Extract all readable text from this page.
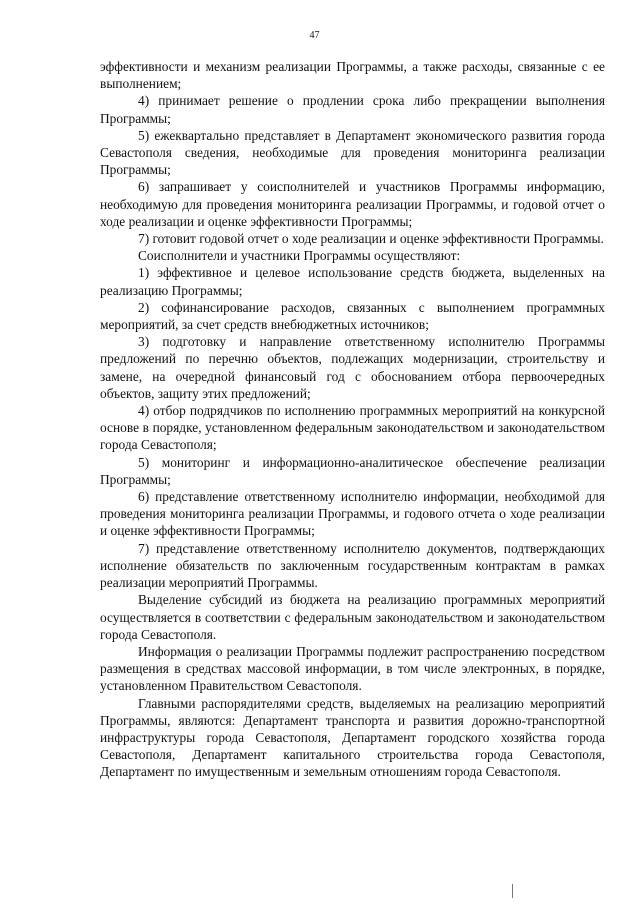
47

эффективности и механизм реализации Программы, а также расходы, связанные с ее выполнением;

4) принимает решение о продлении срока либо прекращении выполнения Программы;

5) ежеквартально представляет в Департамент экономического развития города Севастополя сведения, необходимые для проведения мониторинга реализации Программы;

6) запрашивает у соисполнителей и участников Программы информацию, необходимую для проведения мониторинга реализации Программы, и годовой отчет о ходе реализации и оценке эффективности Программы;

7) готовит годовой отчет о ходе реализации и оценке эффективности Программы.

Соисполнители и участники Программы осуществляют:

1) эффективное и целевое использование средств бюджета, выделенных на реализацию Программы;

2) софинансирование расходов, связанных с выполнением программных мероприятий, за счет средств внебюджетных источников;

3) подготовку и направление ответственному исполнителю Программы предложений по перечню объектов, подлежащих модернизации, строительству и замене, на очередной финансовый год с обоснованием отбора первоочередных объектов, защиту этих предложений;

4) отбор подрядчиков по исполнению программных мероприятий на конкурсной основе в порядке, установленном федеральным законодательством и законодательством города Севастополя;

5) мониторинг и информационно-аналитическое обеспечение реализации Программы;

6) представление ответственному исполнителю информации, необходимой для проведения мониторинга реализации Программы, и годового отчета о ходе реализации и оценке эффективности Программы;

7) представление ответственному исполнителю документов, подтверждающих исполнение обязательств по заключенным государственным контрактам в рамках реализации мероприятий Программы.

Выделение субсидий из бюджета на реализацию программных мероприятий осуществляется в соответствии с федеральным законодательством и законодательством города Севастополя.

Информация о реализации Программы подлежит распространению посредством размещения в средствах массовой информации, в том числе электронных, в порядке, установленном Правительством Севастополя.

Главными распорядителями средств, выделяемых на реализацию мероприятий Программы, являются: Департамент транспорта и развития дорожно-транспортной инфраструктуры города Севастополя, Департамент городского хозяйства города Севастополя, Департамент капитального строительства города Севастополя, Департамент по имущественным и земельным отношениям города Севастополя.
